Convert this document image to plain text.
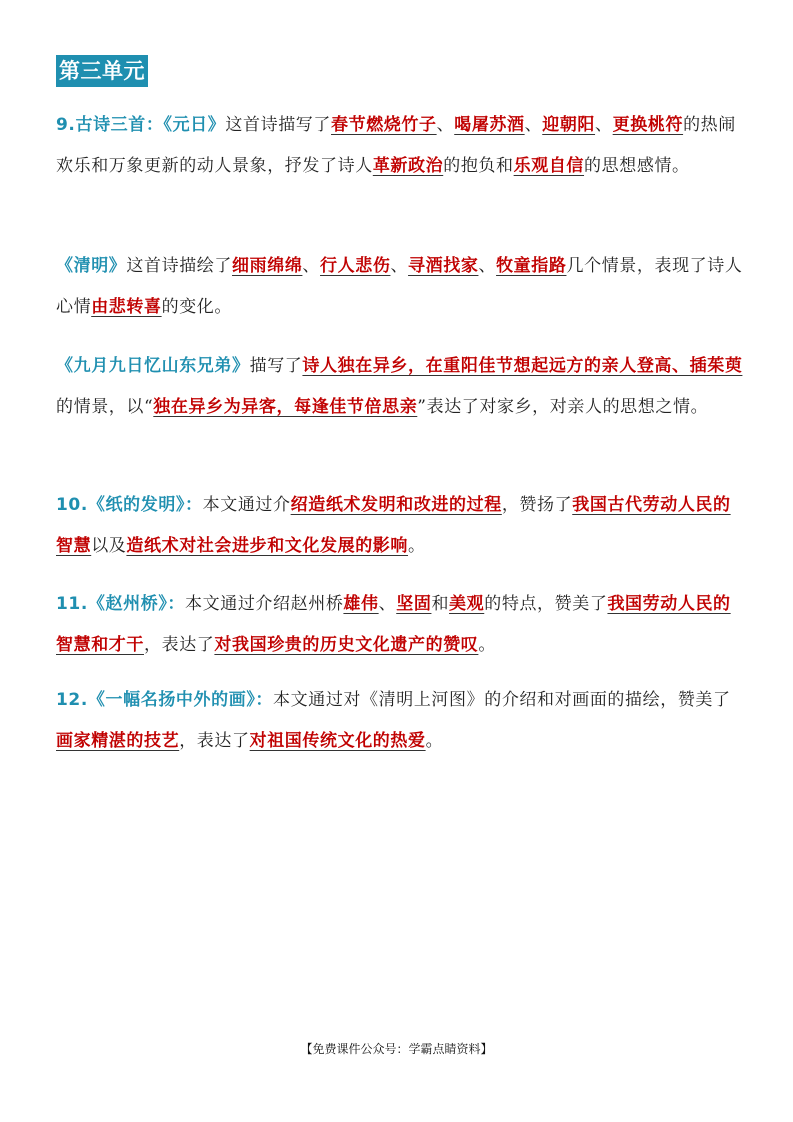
第三单元
9.古诗三首：《元日》这首诗描写了春节燃烧竹子、喝屠苏酒、迎朝阳、更换桃符的热闹欢乐和万象更新的动人景象，抒发了诗人革新政治的抱负和乐观自信的思想感情。
《清明》这首诗描绘了细雨绵绵、行人悲伤、寻酒找家、牧童指路几个情景，表现了诗人心情由悲转喜的变化。
《九月九日忆山东兄弟》描写了诗人独在异乡，在重阳佳节想起远方的亲人登高、插茱萸的情景，以“独在异乡为异客，每逢佳节倍思亲”表达了对家乡，对亲人的思想之情。
10.《纸的发明》：本文通过介绍造纸术发明和改进的过程，赞扬了我国古代劳动人民的智慧以及造纸术对社会进步和文化发展的影响。
11.《赵州桥》：本文通过介绍赵州桥雄伟、坚固和美观的特点，赞美了我国劳动人民的智慧和才干，表达了对我国珍贵的历史文化遗产的赞叹。
12.《一幅名扬中外的画》：本文通过对《清明上河图》的介绍和对画面的描绘，赞美了画家精湛的技艺，表达了对祖国传统文化的热爱。
【免费课件公众号：学霸点睛资料】
